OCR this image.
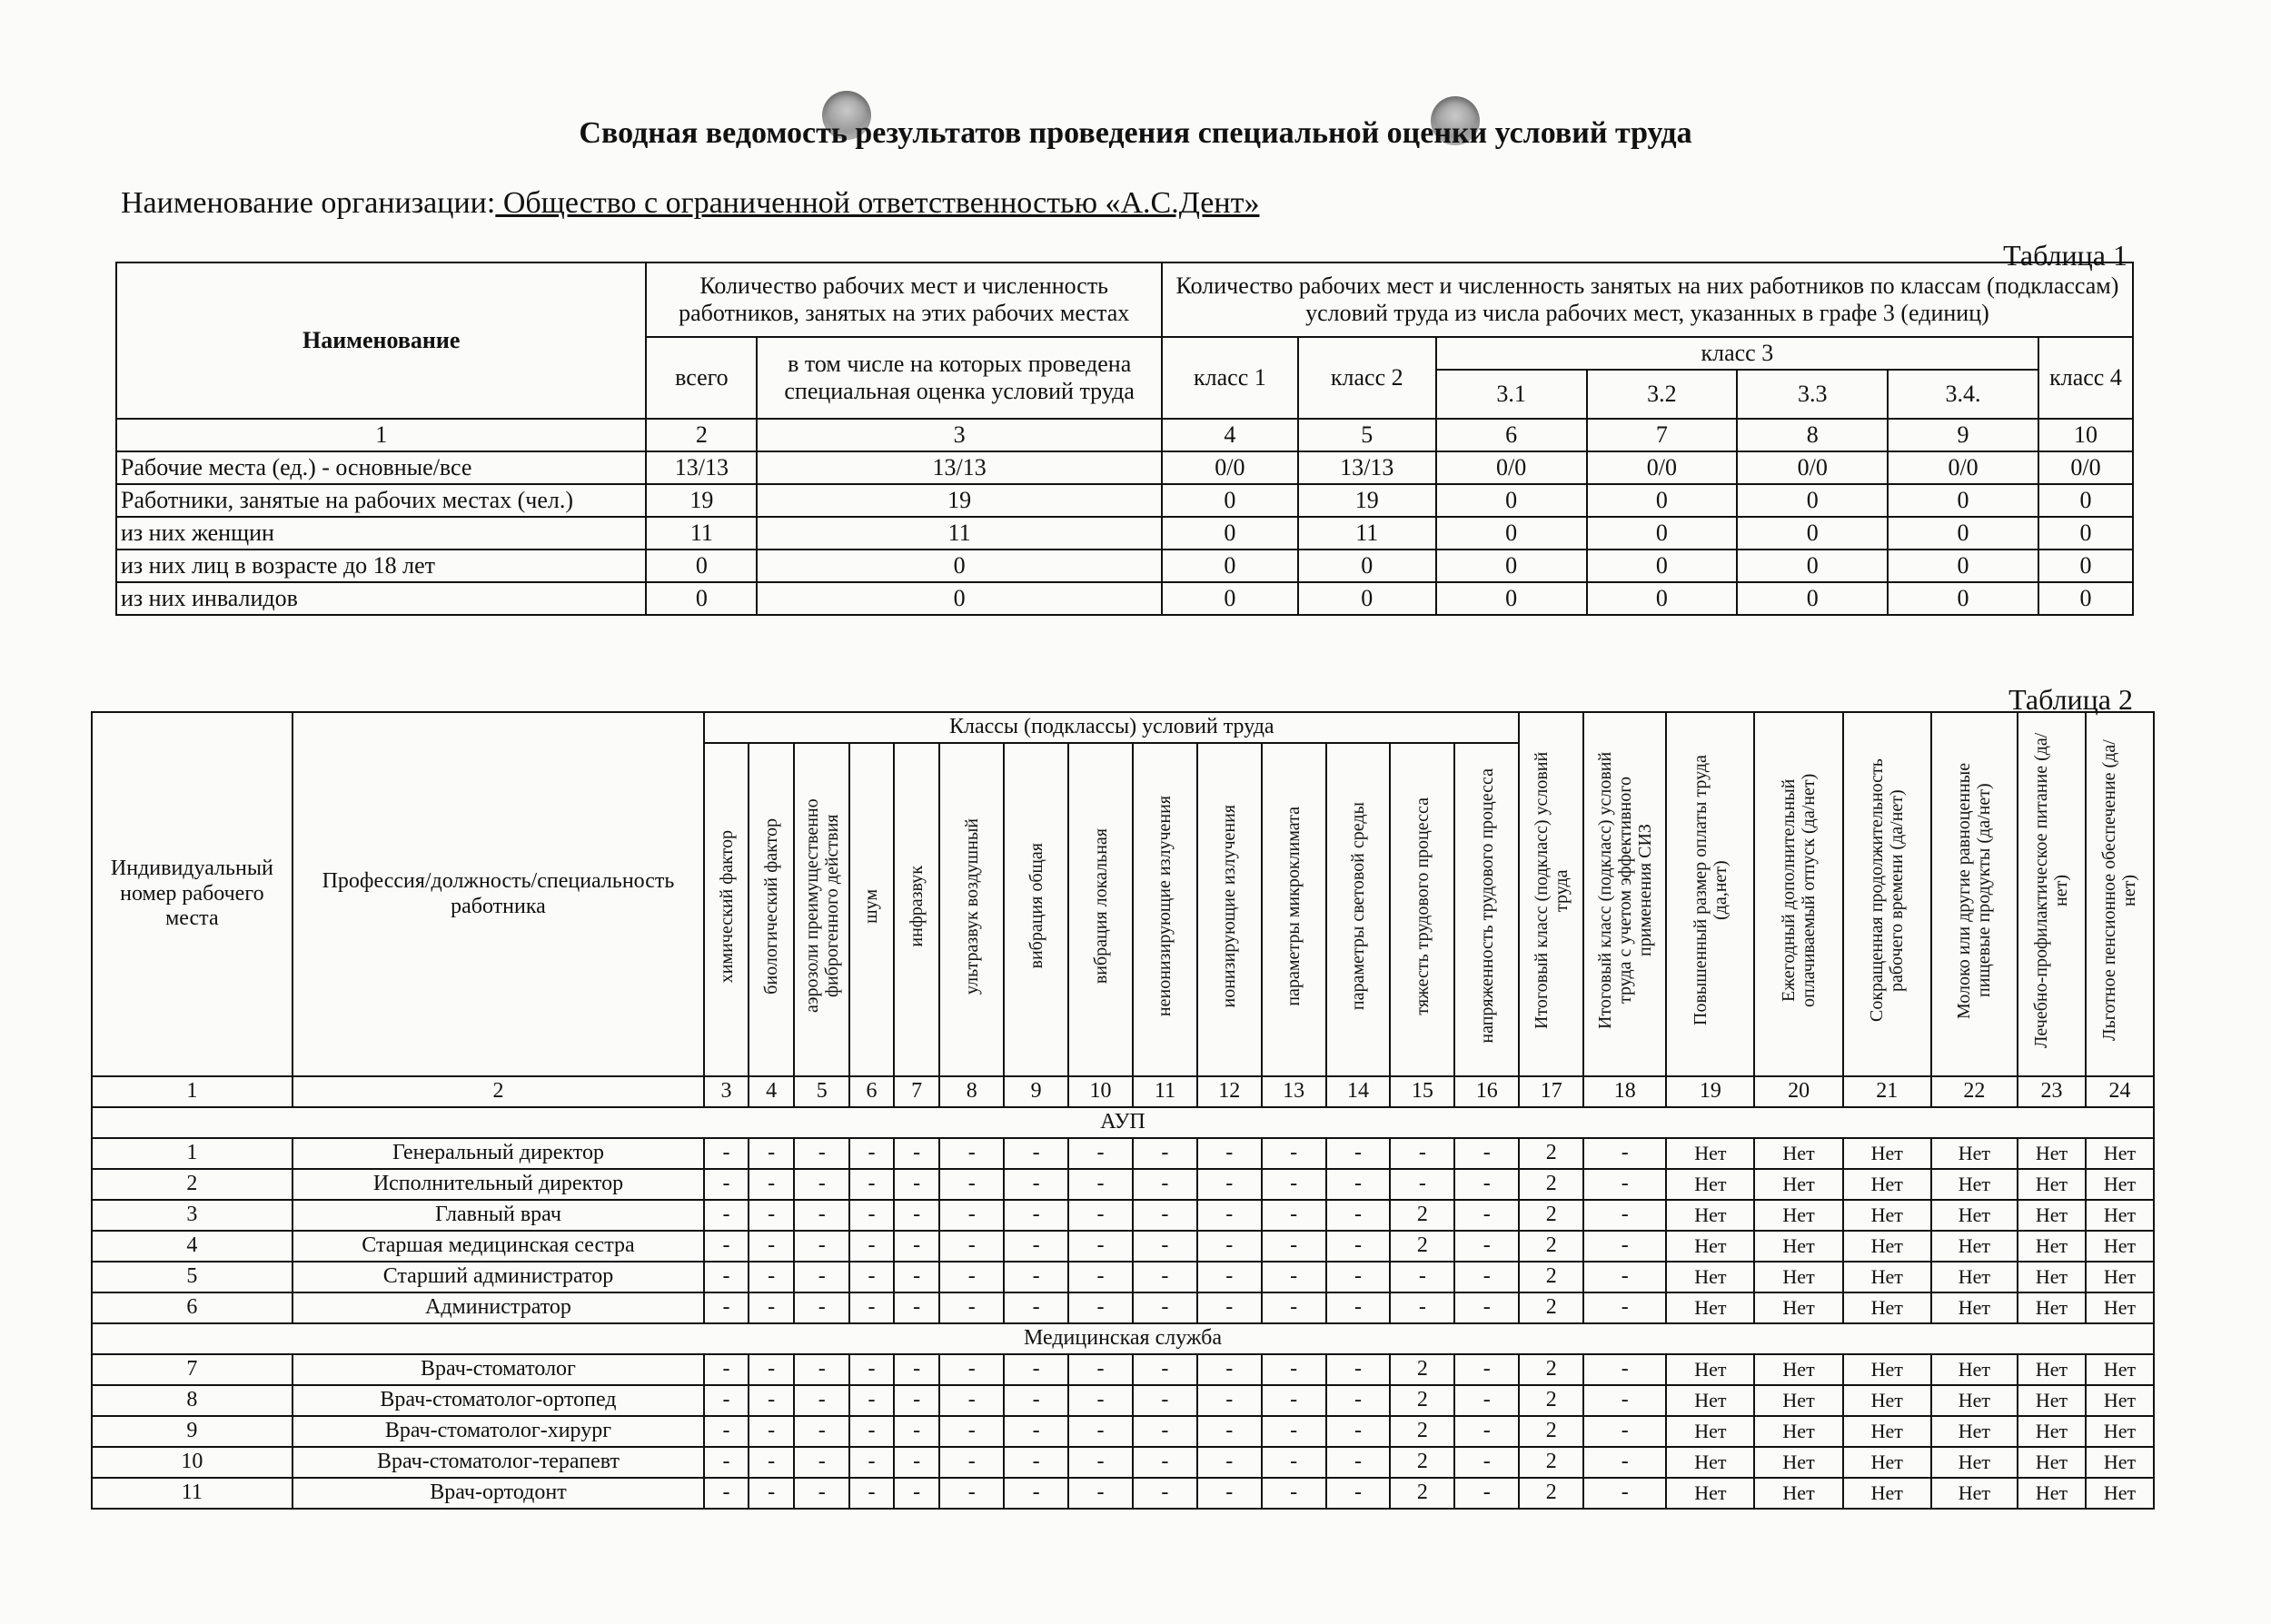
Сводная ведомость результатов проведения специальной оценки условий труда
Наименование организации: Общество с ограниченной ответственностью «А.С.Дент»
Таблица 1
Наименование	Количество рабочих мест и численность работников, занятых на этих рабочих местах		Количество рабочих мест и численность занятых на них работников по классам (подклассам) условий труда из числа рабочих мест, указанных в графе 3 (единиц)						
	всего	в том числе на которых проведена специальная оценка условий труда	класс 1	класс 2	класс 3				класс 4
					3.1	3.2	3.3	3.4.	
1	2	3	4	5	6	7	8	9	10
Рабочие места (ед.) - основные/все	13/13	13/13	0/0	13/13	0/0	0/0	0/0	0/0	0/0
Работники, занятые на рабочих местах (чел.)	19	19	0	19	0	0	0	0	0
из них женщин	11	11	0	11	0	0	0	0	0
из них лиц в возрасте до 18 лет	0	0	0	0	0	0	0	0	0
из них инвалидов	0	0	0	0	0	0	0	0	0
Таблица 2
Индивидуальный номер рабочего места	Профессия/должность/специальность работника	Классы (подклассы) условий труда														Итоговый класс (подкласс) условий труда	Итоговый класс (подкласс) условий труда с учетом эффективного применения СИЗ	Повышенный размер оплаты труда (да,нет)	Ежегодный дополнительный оплачиваемый отпуск (да/нет)	Сокращенная продолжительность рабочего времени (да/нет)	Молоко или другие равноценные пищевые продукты (да/нет)	Лечебно-профилактическое питание (да/нет)	Льготное пенсионное обеспечение (да/нет)
		химический фактор	биологический фактор	аэрозоли преимущественно фиброгенного действия	шум	инфразвук	ультразвук воздушный	вибрация общая	вибрация локальная	неионизирующие излучения	ионизирующие излучения	параметры микроклимата	параметры световой среды	тяжесть трудового процесса	напряженность трудового процесса								
1	2	3	4	5	6	7	8	9	10	11	12	13	14	15	16	17	18	19	20	21	22	23	24
АУП																							
1	Генеральный директор	-	-	-	-	-	-	-	-	-	-	-	-	-	-	2	-	Нет	Нет	Нет	Нет	Нет	Нет
2	Исполнительный директор	-	-	-	-	-	-	-	-	-	-	-	-	-	-	2	-	Нет	Нет	Нет	Нет	Нет	Нет
3	Главный врач	-	-	-	-	-	-	-	-	-	-	-	-	2	-	2	-	Нет	Нет	Нет	Нет	Нет	Нет
4	Старшая медицинская сестра	-	-	-	-	-	-	-	-	-	-	-	-	2	-	2	-	Нет	Нет	Нет	Нет	Нет	Нет
5	Старший администратор	-	-	-	-	-	-	-	-	-	-	-	-	-	-	2	-	Нет	Нет	Нет	Нет	Нет	Нет
6	Администратор	-	-	-	-	-	-	-	-	-	-	-	-	-	-	2	-	Нет	Нет	Нет	Нет	Нет	Нет
Медицинская служба																							
7	Врач-стоматолог	-	-	-	-	-	-	-	-	-	-	-	-	2	-	2	-	Нет	Нет	Нет	Нет	Нет	Нет
8	Врач-стоматолог-ортопед	-	-	-	-	-	-	-	-	-	-	-	-	2	-	2	-	Нет	Нет	Нет	Нет	Нет	Нет
9	Врач-стоматолог-хирург	-	-	-	-	-	-	-	-	-	-	-	-	2	-	2	-	Нет	Нет	Нет	Нет	Нет	Нет
10	Врач-стоматолог-терапевт	-	-	-	-	-	-	-	-	-	-	-	-	2	-	2	-	Нет	Нет	Нет	Нет	Нет	Нет
11	Врач-ортодонт	-	-	-	-	-	-	-	-	-	-	-	-	2	-	2	-	Нет	Нет	Нет	Нет	Нет	Нет
